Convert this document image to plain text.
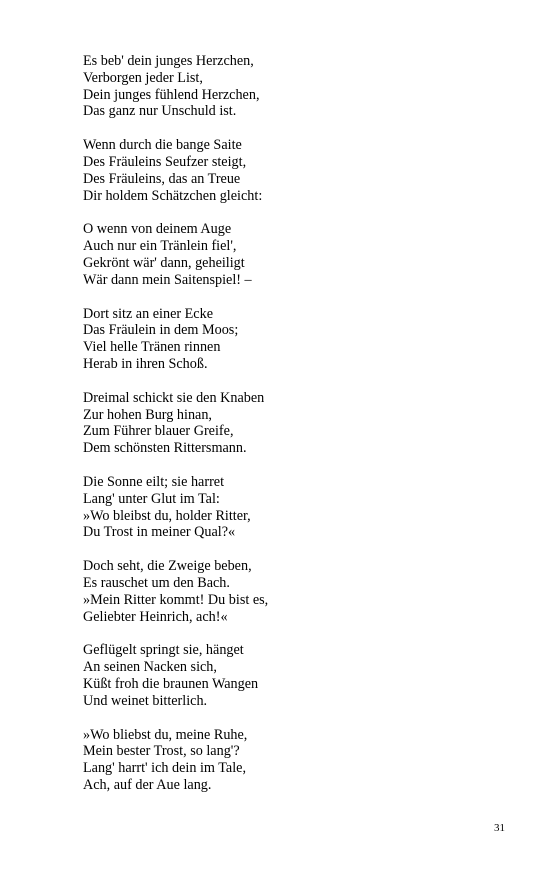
Es beb' dein junges Herzchen,
Verborgen jeder List,
Dein junges fühlend Herzchen,
Das ganz nur Unschuld ist.
Wenn durch die bange Saite
Des Fräuleins Seufzer steigt,
Des Fräuleins, das an Treue
Dir holdem Schätzchen gleicht:
O wenn von deinem Auge
Auch nur ein Tränlein fiel',
Gekrönt wär' dann, geheiligt
Wär dann mein Saitenspiel! –
Dort sitz an einer Ecke
Das Fräulein in dem Moos;
Viel helle Tränen rinnen
Herab in ihren Schoß.
Dreimal schickt sie den Knaben
Zur hohen Burg hinan,
Zum Führer blauer Greife,
Dem schönsten Rittersmann.
Die Sonne eilt; sie harret
Lang' unter Glut im Tal:
»Wo bleibst du, holder Ritter,
Du Trost in meiner Qual?«
Doch seht, die Zweige beben,
Es rauschet um den Bach.
»Mein Ritter kommt! Du bist es,
Geliebter Heinrich, ach!«
Geflügelt springt sie, hänget
An seinen Nacken sich,
Küßt froh die braunen Wangen
Und weinet bitterlich.
»Wo bliebst du, meine Ruhe,
Mein bester Trost, so lang'?
Lang' harrt' ich dein im Tale,
Ach, auf der Aue lang.
31
